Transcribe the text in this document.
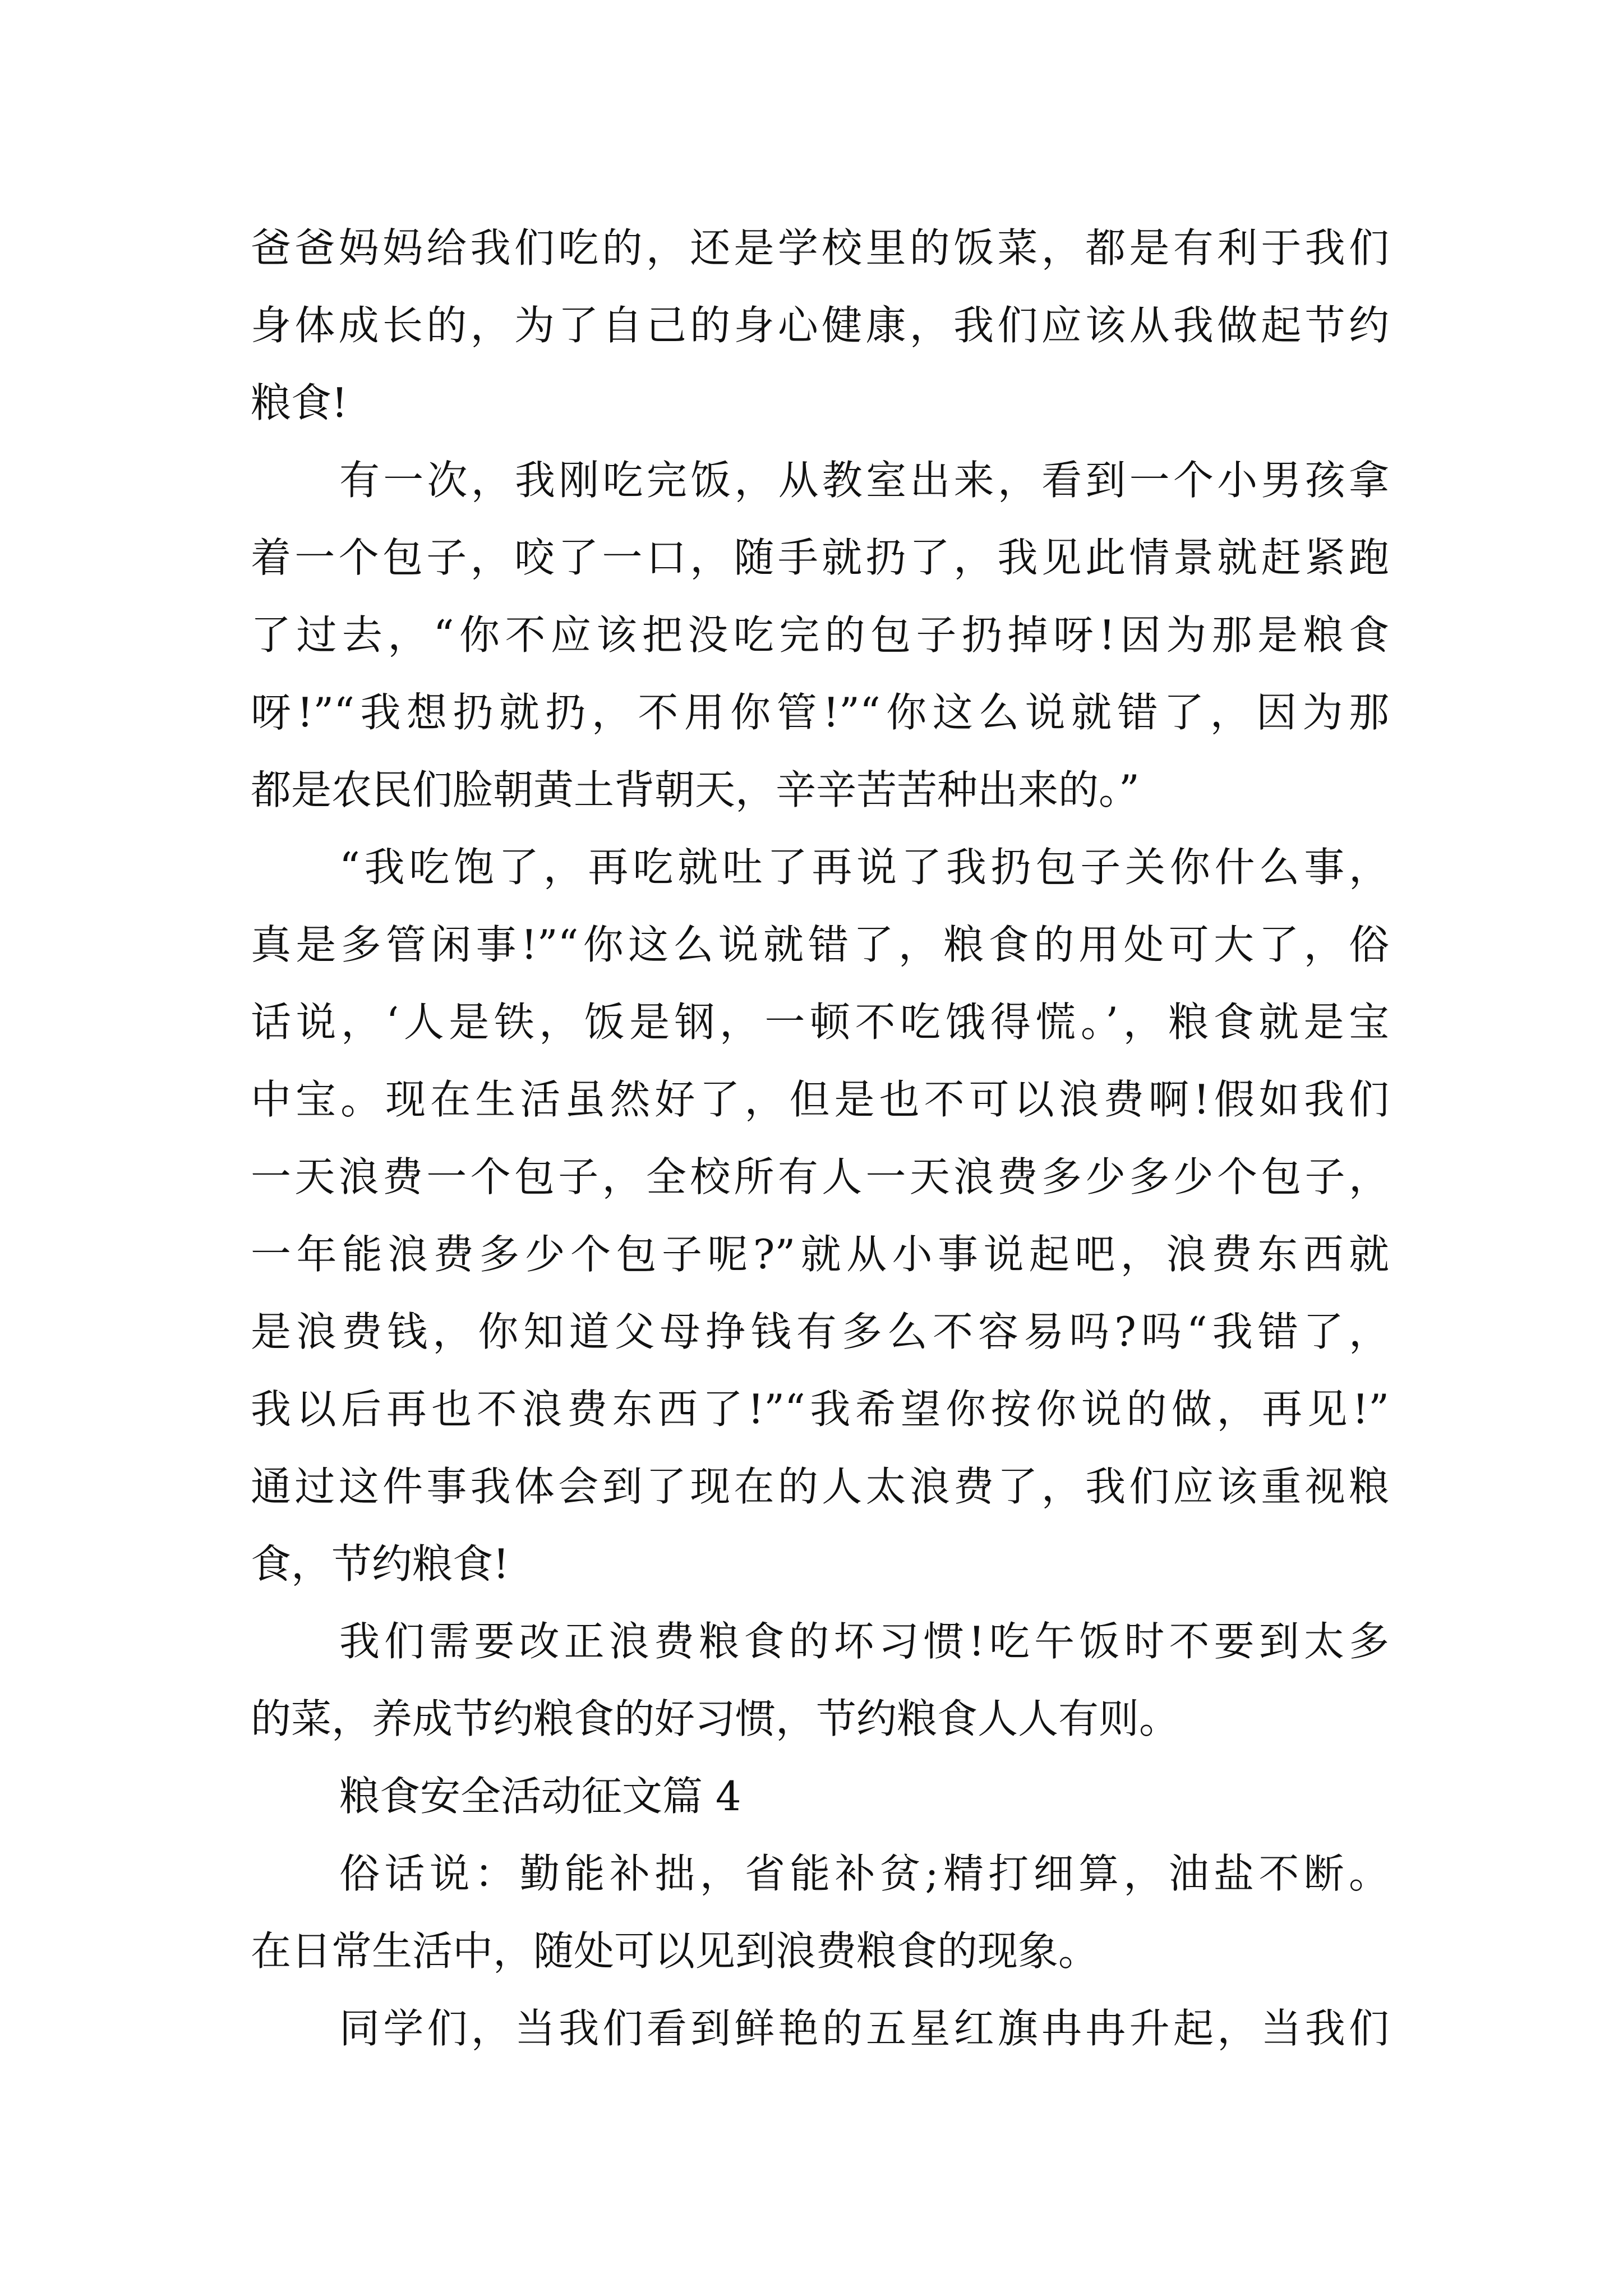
爸爸妈妈给我们吃的，还是学校里的饭菜，都是有利于我们
身体成长的，为了自己的身心健康，我们应该从我做起节约
粮食!
有一次，我刚吃完饭，从教室出来，看到一个小男孩拿
着一个包子，咬了一口，随手就扔了，我见此情景就赶紧跑
了过去，“你不应该把没吃完的包子扔掉呀!因为那是粮食
呀!”“我想扔就扔，不用你管!”“你这么说就错了，因为那
都是农民们脸朝黄土背朝天，辛辛苦苦种出来的。”
“我吃饱了，再吃就吐了再说了我扔包子关你什么事，
真是多管闲事!”“你这么说就错了，粮食的用处可大了，俗
话说，‘人是铁，饭是钢，一顿不吃饿得慌。’，粮食就是宝
中宝。现在生活虽然好了，但是也不可以浪费啊!假如我们
一天浪费一个包子，全校所有人一天浪费多少多少个包子，
一年能浪费多少个包子呢?”就从小事说起吧，浪费东西就
是浪费钱，你知道父母挣钱有多么不容易吗?吗“我错了，
我以后再也不浪费东西了!”“我希望你按你说的做，再见!”
通过这件事我体会到了现在的人太浪费了，我们应该重视粮
食，节约粮食!
我们需要改正浪费粮食的坏习惯!吃午饭时不要到太多
的菜，养成节约粮食的好习惯，节约粮食人人有则。
粮食安全活动征文篇 4
俗话说：勤能补拙，省能补贫;精打细算，油盐不断。
在日常生活中，随处可以见到浪费粮食的现象。
同学们，当我们看到鲜艳的五星红旗冉冉升起，当我们
